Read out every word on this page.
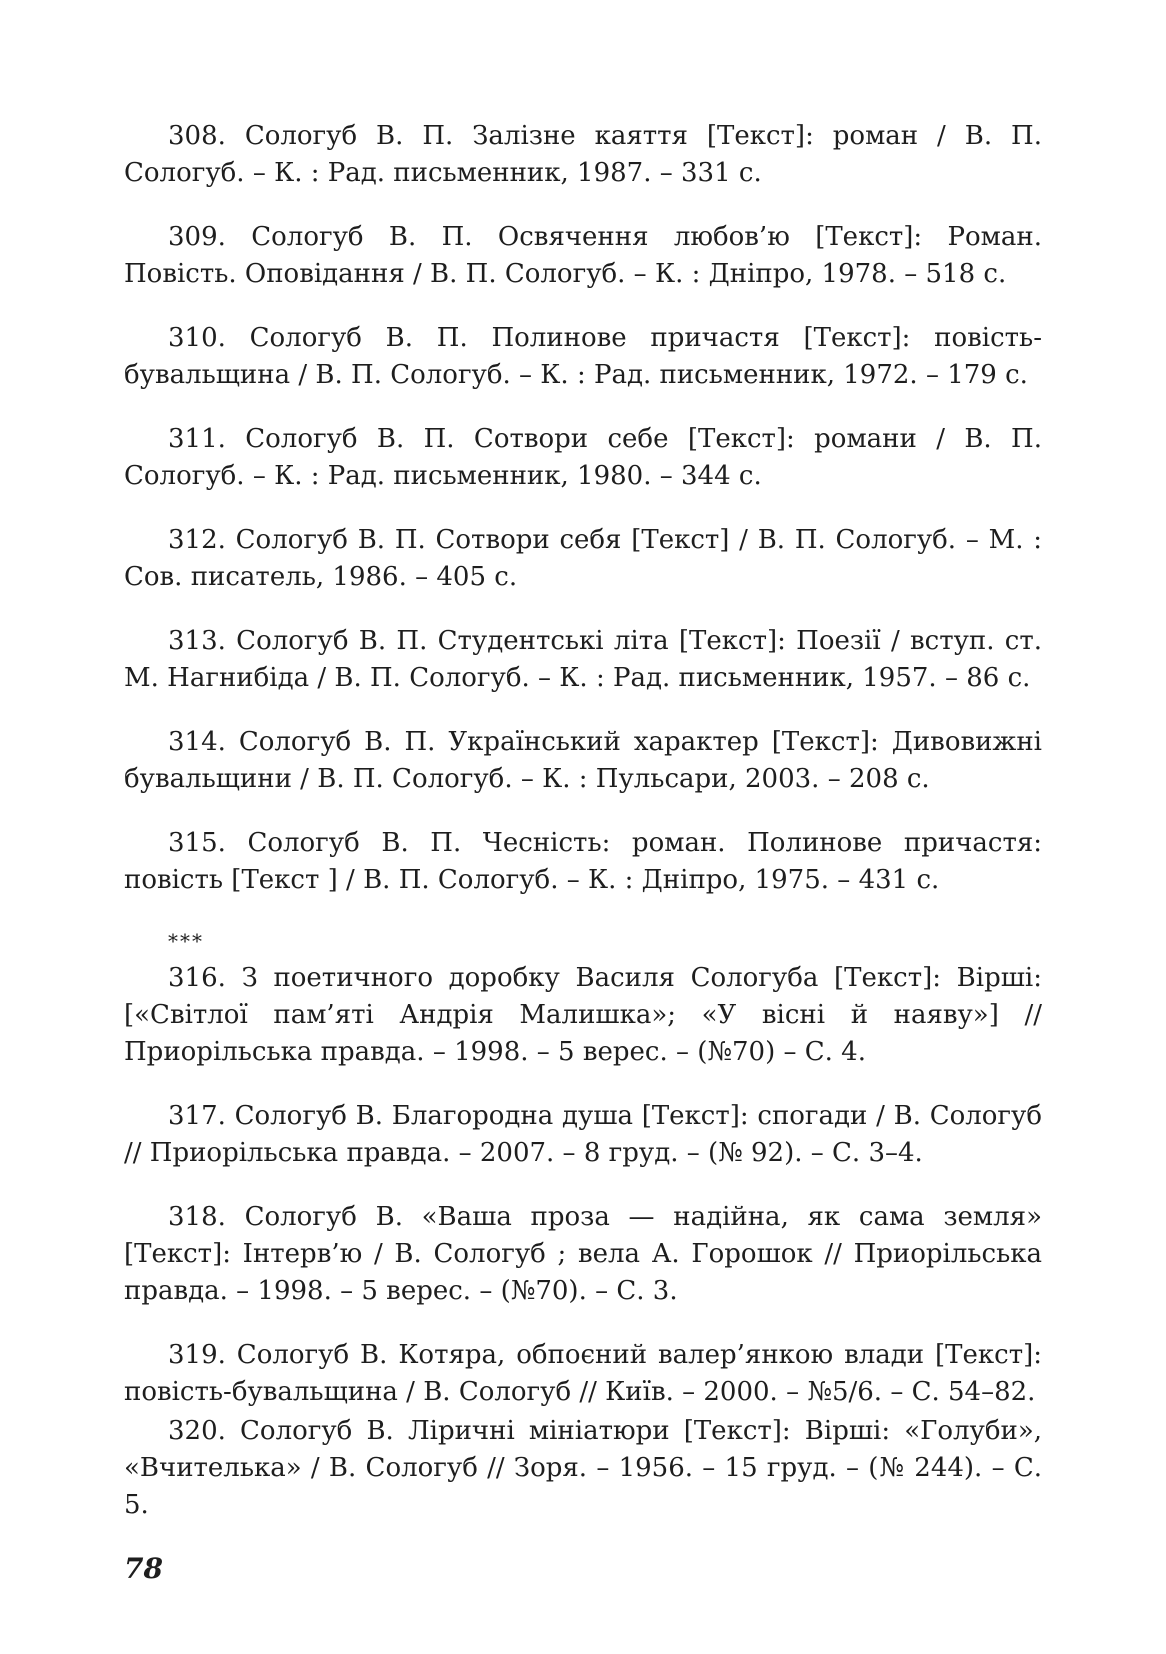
308. Сологуб В. П. Залізне каяття [Текст]: роман / В. П. Сологуб. – К. : Рад. письменник, 1987. – 331 с.

309. Сологуб В. П. Освячення любов’ю [Текст]: Роман. Повість. Оповідання / В. П. Сологуб. – К. : Дніпро, 1978. – 518 с.

310. Сологуб В. П. Полинове причастя [Текст]: повість-бувальщина / В. П. Сологуб. – К. : Рад. письменник, 1972. – 179 с.

311. Сологуб В. П. Сотвори себе [Текст]: романи / В. П. Сологуб. – К. : Рад. письменник, 1980. – 344 с.

312. Сологуб В. П. Сотвори себя [Текст] / В. П. Сологуб. – М. : Сов. писатель, 1986. – 405 с.

313. Сологуб В. П. Студентські літа [Текст]: Поезії / вступ. ст. М. Нагнибіда / В. П. Сологуб. – К. : Рад. письменник, 1957. – 86 с.

314. Сологуб В. П. Український характер [Текст]: Дивовижні бувальщини / В. П. Сологуб. – К. : Пульсари, 2003. – 208 с.

315. Сологуб В. П. Чесність: роман. Полинове причастя: повість [Текст ] / В. П. Сологуб. – К. : Дніпро, 1975. – 431 с.

***

316. З поетичного доробку Василя Сологуба [Текст]: Вірші: [«Світлої пам’яті Андрія Малишка»; «У вісні й наяву»] // Приорільська правда. – 1998. – 5 верес. – (№70) – С. 4.

317. Сологуб В. Благородна душа [Текст]: спогади / В. Сологуб // Приорільська правда. – 2007. – 8 груд. – (№ 92). – С. 3–4.

318. Сологуб В. «Ваша проза — надійна, як сама земля» [Текст]: Інтерв’ю / В. Сологуб ; вела А. Горошок // Приорільська правда. – 1998. – 5 верес. – (№70). – С. 3.

319. Сологуб В. Котяра, обпоєний валер’янкою влади [Текст]: повість-бувальщина / В. Сологуб // Київ. – 2000. – №5/6. – С. 54–82.

320. Сологуб В. Ліричні мініатюри [Текст]: Вірші: «Голуби», «Вчителька» / В. Сологуб // Зоря. – 1956. – 15 груд. – (№ 244). – С. 5.

78
